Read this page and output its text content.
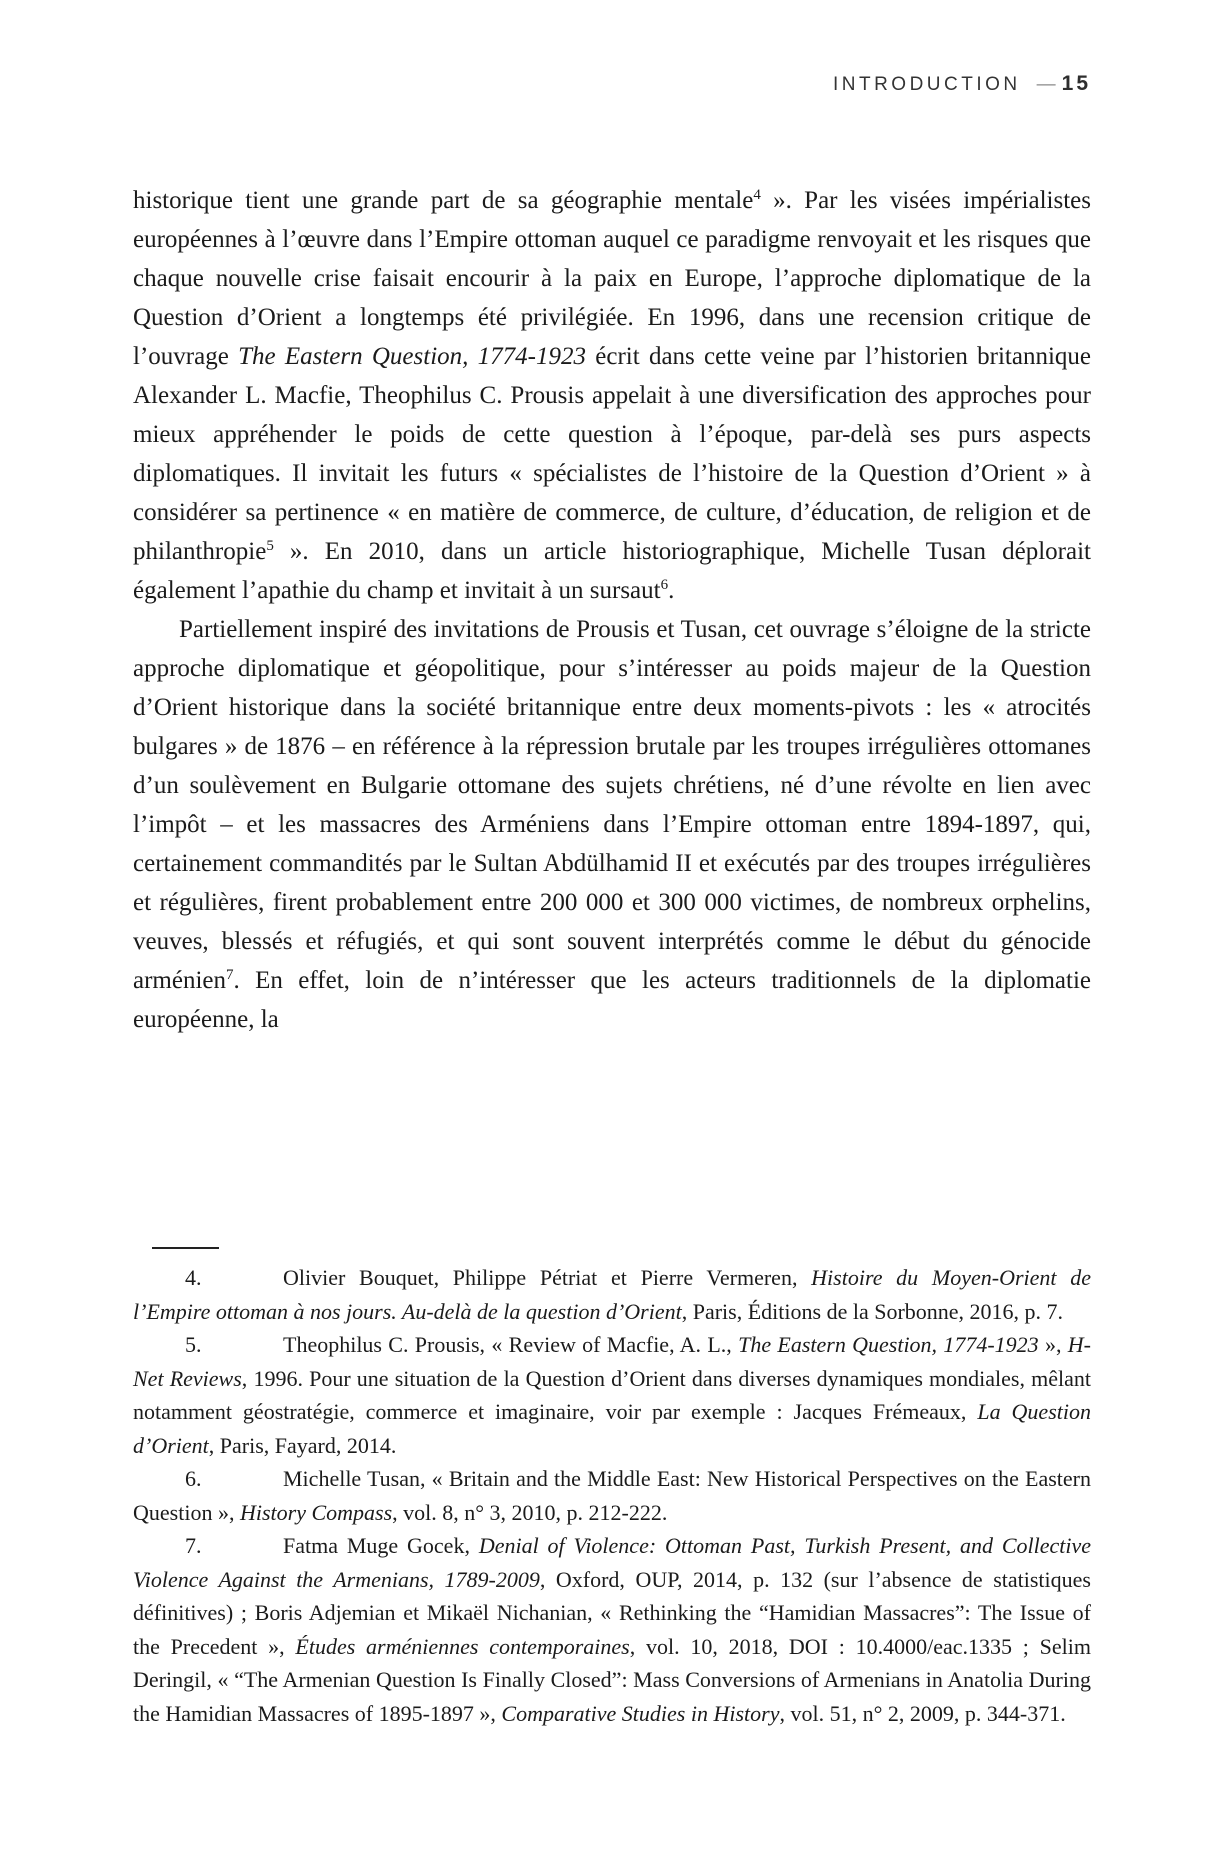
INTRODUCTION — 15

historique tient une grande part de sa géographie mentale$^4$ ». Par les visées impérialistes européennes à l’œuvre dans l’Empire ottoman auquel ce paradigme renvoyait et les risques que chaque nouvelle crise faisait encourir à la paix en Europe, l’approche diplomatique de la Question d’Orient a longtemps été privilégiée. En 1996, dans une recension critique de l’ouvrage The Eastern Question, 1774-1923 écrit dans cette veine par l’historien britannique Alexander L. Macfie, Theophilus C. Prousis appelait à une diversification des approches pour mieux appréhender le poids de cette question à l’époque, par-delà ses purs aspects diplomatiques. Il invitait les futurs « spécialistes de l’histoire de la Question d’Orient » à considérer sa pertinence « en matière de commerce, de culture, d’éducation, de religion et de philanthropie$^5$ ». En 2010, dans un article historiographique, Michelle Tusan déplorait également l’apathie du champ et invitait à un sursaut$^6$.

Partiellement inspiré des invitations de Prousis et Tusan, cet ouvrage s’éloigne de la stricte approche diplomatique et géopolitique, pour s’intéresser au poids majeur de la Question d’Orient historique dans la société britannique entre deux moments-pivots : les « atrocités bulgares » de 1876 – en référence à la répression brutale par les troupes irrégulières ottomanes d’un soulèvement en Bulgarie ottomane des sujets chrétiens, né d’une révolte en lien avec l’impôt – et les massacres des Arméniens dans l’Empire ottoman entre 1894-1897, qui, certainement commandités par le Sultan Abdülhamid II et exécutés par des troupes irrégulières et régulières, firent probablement entre 200 000 et 300 000 victimes, de nombreux orphelins, veuves, blessés et réfugiés, et qui sont souvent interprétés comme le début du génocide arménien$^7$. En effet, loin de n’intéresser que les acteurs traditionnels de la diplomatie européenne, la

4.	Olivier Bouquet, Philippe Pétriat et Pierre Vermeren, Histoire du Moyen-Orient de l’Empire ottoman à nos jours. Au-delà de la question d’Orient, Paris, Éditions de la Sorbonne, 2016, p. 7.

5.	Theophilus C. Prousis, « Review of Macfie, A. L., The Eastern Question, 1774-1923 », H-Net Reviews, 1996. Pour une situation de la Question d’Orient dans diverses dynamiques mondiales, mêlant notamment géostratégie, commerce et imaginaire, voir par exemple : Jacques Frémeaux, La Question d’Orient, Paris, Fayard, 2014.

6.	Michelle Tusan, « Britain and the Middle East: New Historical Perspectives on the Eastern Question », History Compass, vol. 8, n° 3, 2010, p. 212-222.

7.	Fatma Muge Gocek, Denial of Violence: Ottoman Past, Turkish Present, and Collective Violence Against the Armenians, 1789-2009, Oxford, OUP, 2014, p. 132 (sur l’absence de statistiques définitives) ; Boris Adjemian et Mikaël Nichanian, « Rethinking the “Hamidian Massacres”: The Issue of the Precedent », Études arméniennes contemporaines, vol. 10, 2018, DOI : 10.4000/eac.1335 ; Selim Deringil, « “The Armenian Question Is Finally Closed”: Mass Conversions of Armenians in Anatolia During the Hamidian Massacres of 1895-1897 », Comparative Studies in History, vol. 51, n° 2, 2009, p. 344-371.
